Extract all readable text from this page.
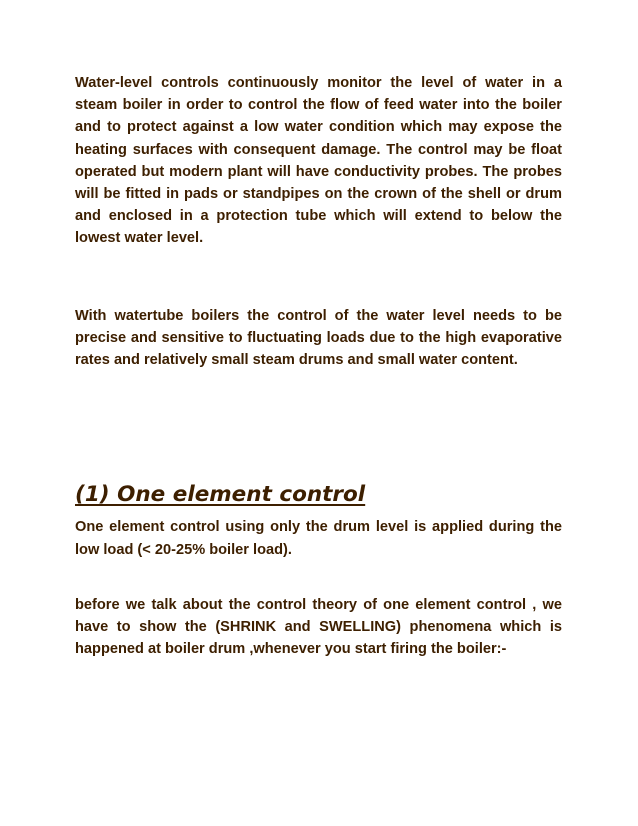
Water-level controls continuously monitor the level of water in a steam boiler in order to control the flow of feed water into the boiler and to protect against a low water condition which may expose the heating surfaces with consequent damage. The control may be float operated but modern plant will have conductivity probes. The probes will be fitted in pads or standpipes on the crown of the shell or drum and enclosed in a protection tube which will extend to below the lowest water level.

With watertube boilers the control of the water level needs to be precise and sensitive to fluctuating loads due to the high evaporative rates and relatively small steam drums and small water content.

(1) One element control

One element control using only the drum level is applied during the low load (< 20-25% boiler load).

before we talk about the control theory of one element control , we have to show the (SHRINK and SWELLING) phenomena which is happened at boiler drum ,whenever you start firing the boiler:-
